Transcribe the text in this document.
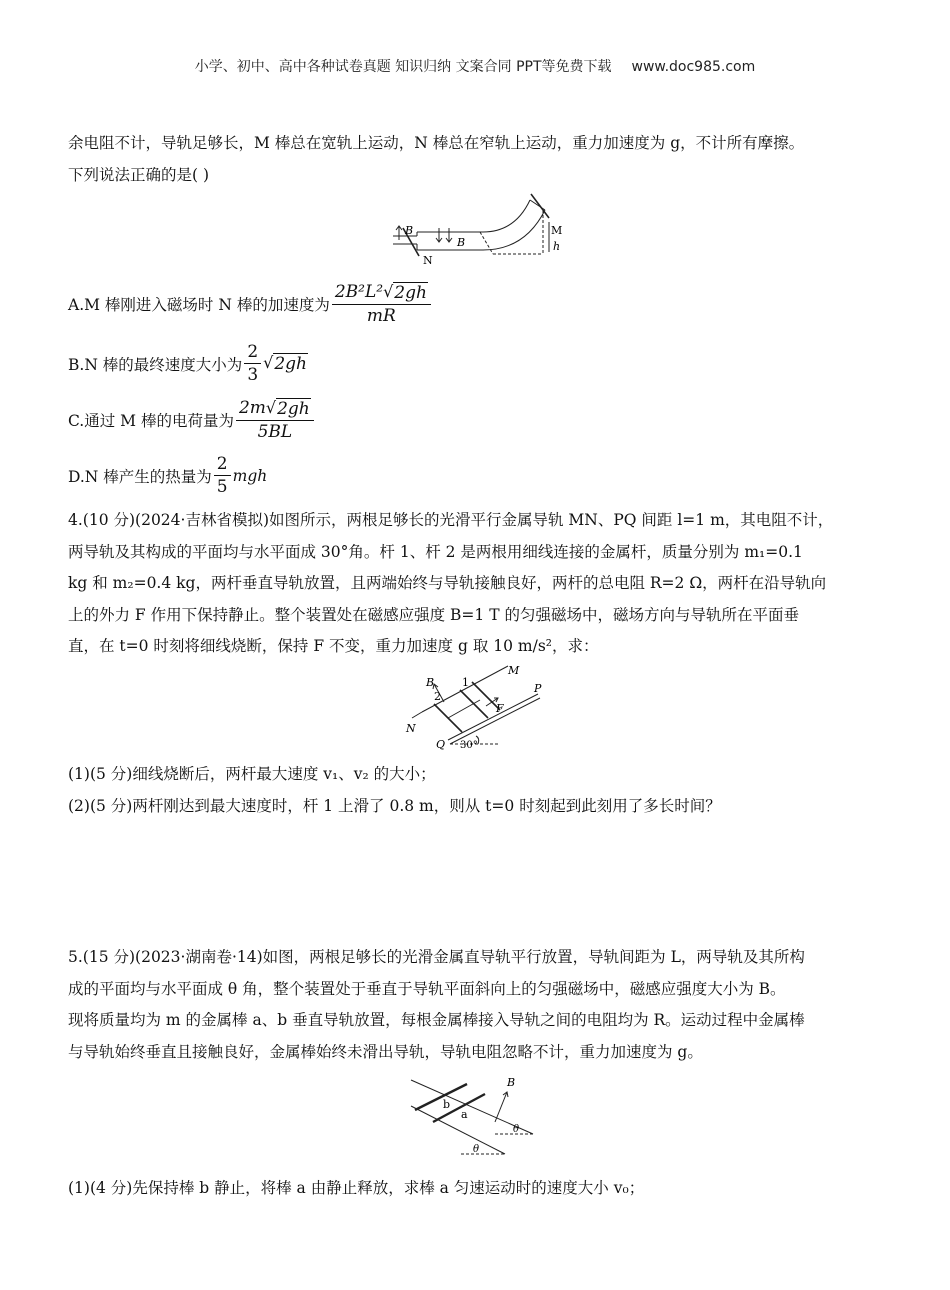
小学、初中、高中各种试卷真题 知识归纳 文案合同 PPT等免费下载 www.doc985.com
余电阻不计，导轨足够长，M 棒总在宽轨上运动，N 棒总在窄轨上运动，重力加速度为 g，不计所有摩擦。
下列说法正确的是( )
B
B
N
M
h
A.M 棒刚进入磁场时 N 棒的加速度为 $\frac{\text{2B²L² √ 2gh}}{mR}$
B.N 棒的最终速度大小为 $\frac{2}{3}$ √ 2gh
C.通过 M 棒的电荷量为 $\frac{2m √ 2gh}{5BL}$
D.N 棒产生的热量为 $\frac{2}{5}$ mgh
4.(10 分)(2024·吉林省模拟)如图所示，两根足够长的光滑平行金属导轨 MN、PQ 间距 l=1 m，其电阻不计，
两导轨及其构成的平面均与水平面成 30°角。杆 1、杆 2 是两根用细线连接的金属杆，质量分别为 m₁=0.1
kg 和 m₂=0.4 kg，两杆垂直导轨放置，且两端始终与导轨接触良好，两杆的总电阻 R=2 Ω，两杆在沿导轨向
上的外力 F 作用下保持静止。整个装置处在磁感应强度 B=1 T 的匀强磁场中，磁场方向与导轨所在平面垂
直，在 t=0 时刻将细线烧断，保持 F 不变，重力加速度 g 取 10 m/s²，求：
B	1
2
M
P
F
N
Q 30°
(1)(5 分)细线烧断后，两杆最大速度 v₁、v₂ 的大小；
(2)(5 分)两杆刚达到最大速度时，杆 1 上滑了 0.8 m，则从 t=0 时刻起到此刻用了多长时间？
5.(15 分)(2023·湖南卷·14)如图，两根足够长的光滑金属直导轨平行放置，导轨间距为 L，两导轨及其所构
成的平面均与水平面成 θ 角，整个装置处于垂直于导轨平面斜向上的匀强磁场中，磁感应强度大小为 B。
现将质量均为 m 的金属棒 a、b 垂直导轨放置，每根金属棒接入导轨之间的电阻均为 R。运动过程中金属棒
与导轨始终垂直且接触良好，金属棒始终未滑出导轨，导轨电阻忽略不计，重力加速度为 g。
b
a
B
θ
θ
(1)(4 分)先保持棒 b 静止，将棒 a 由静止释放，求棒 a 匀速运动时的速度大小 v₀；
